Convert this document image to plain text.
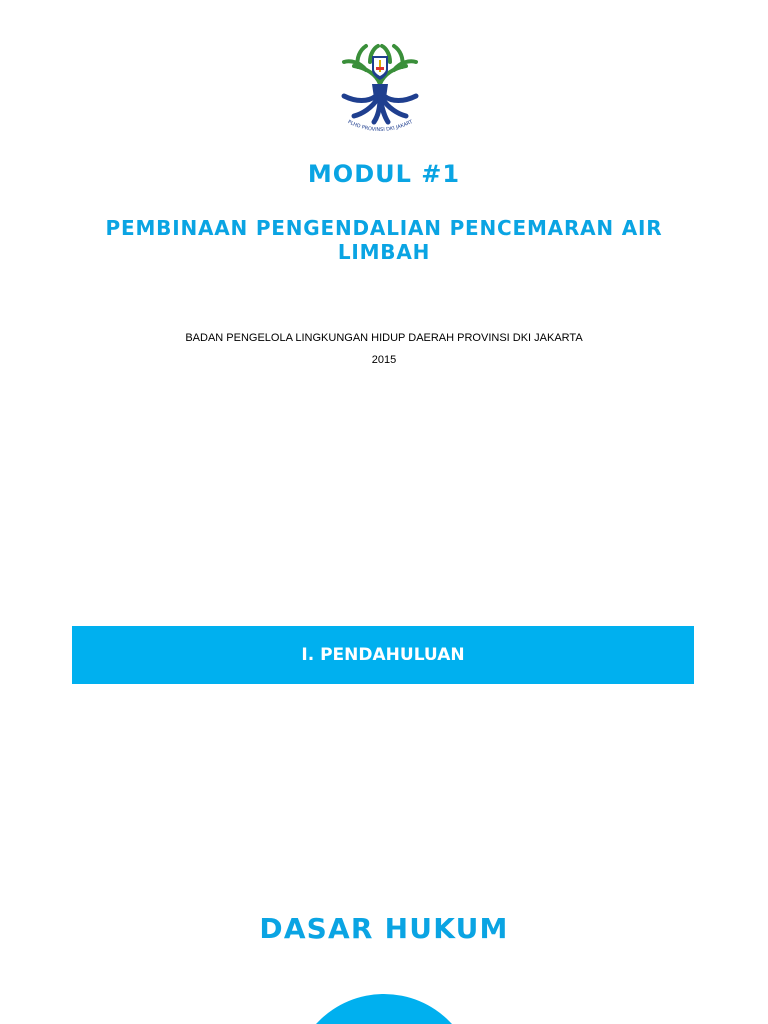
PLHD PROVINSI DKI JAKART
MODUL #1
PEMBINAAN PENGENDALIAN PENCEMARAN AIR LIMBAH
BADAN PENGELOLA LINGKUNGAN HIDUP DAERAH PROVINSI DKI JAKARTA
2015
I. PENDAHULUAN
DASAR HUKUM
